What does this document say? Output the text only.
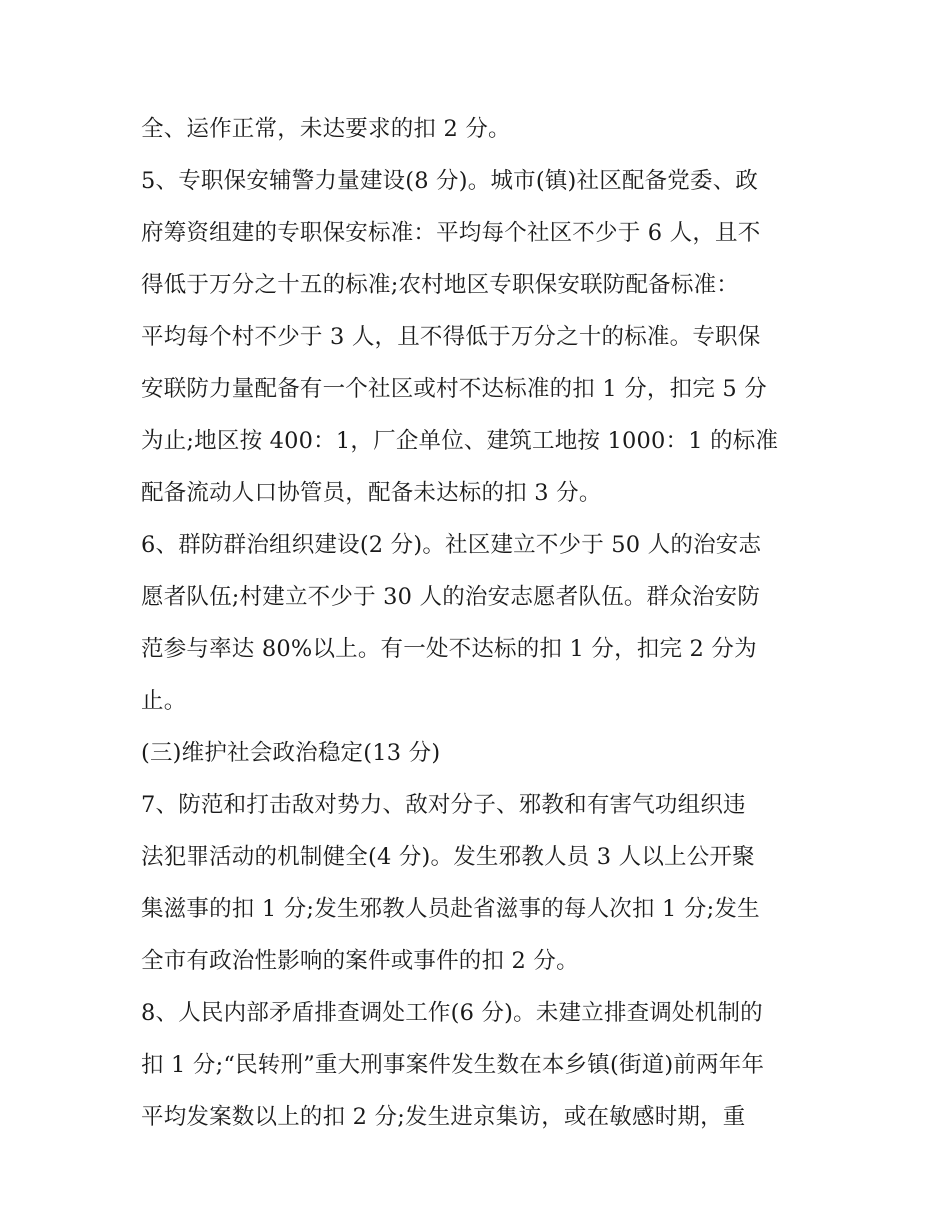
全、运作正常，未达要求的扣 2 分。
5、专职保安辅警力量建设(8 分)。城市(镇)社区配备党委、政
府筹资组建的专职保安标准：平均每个社区不少于 6 人，且不
得低于万分之十五的标准;农村地区专职保安联防配备标准：
平均每个村不少于 3 人，且不得低于万分之十的标准。专职保
安联防力量配备有一个社区或村不达标准的扣 1 分，扣完 5 分
为止;地区按 400：1，厂企单位、建筑工地按 1000：1 的标准
配备流动人口协管员，配备未达标的扣 3 分。
6、群防群治组织建设(2 分)。社区建立不少于 50 人的治安志
愿者队伍;村建立不少于 30 人的治安志愿者队伍。群众治安防
范参与率达 80%以上。有一处不达标的扣 1 分，扣完 2 分为
止。
(三)维护社会政治稳定(13 分)
7、防范和打击敌对势力、敌对分子、邪教和有害气功组织违
法犯罪活动的机制健全(4 分)。发生邪教人员 3 人以上公开聚
集滋事的扣 1 分;发生邪教人员赴省滋事的每人次扣 1 分;发生
全市有政治性影响的案件或事件的扣 2 分。
8、人民内部矛盾排查调处工作(6 分)。未建立排查调处机制的
扣 1 分;“民转刑”重大刑事案件发生数在本乡镇(街道)前两年年
平均发案数以上的扣 2 分;发生进京集访，或在敏感时期，重
